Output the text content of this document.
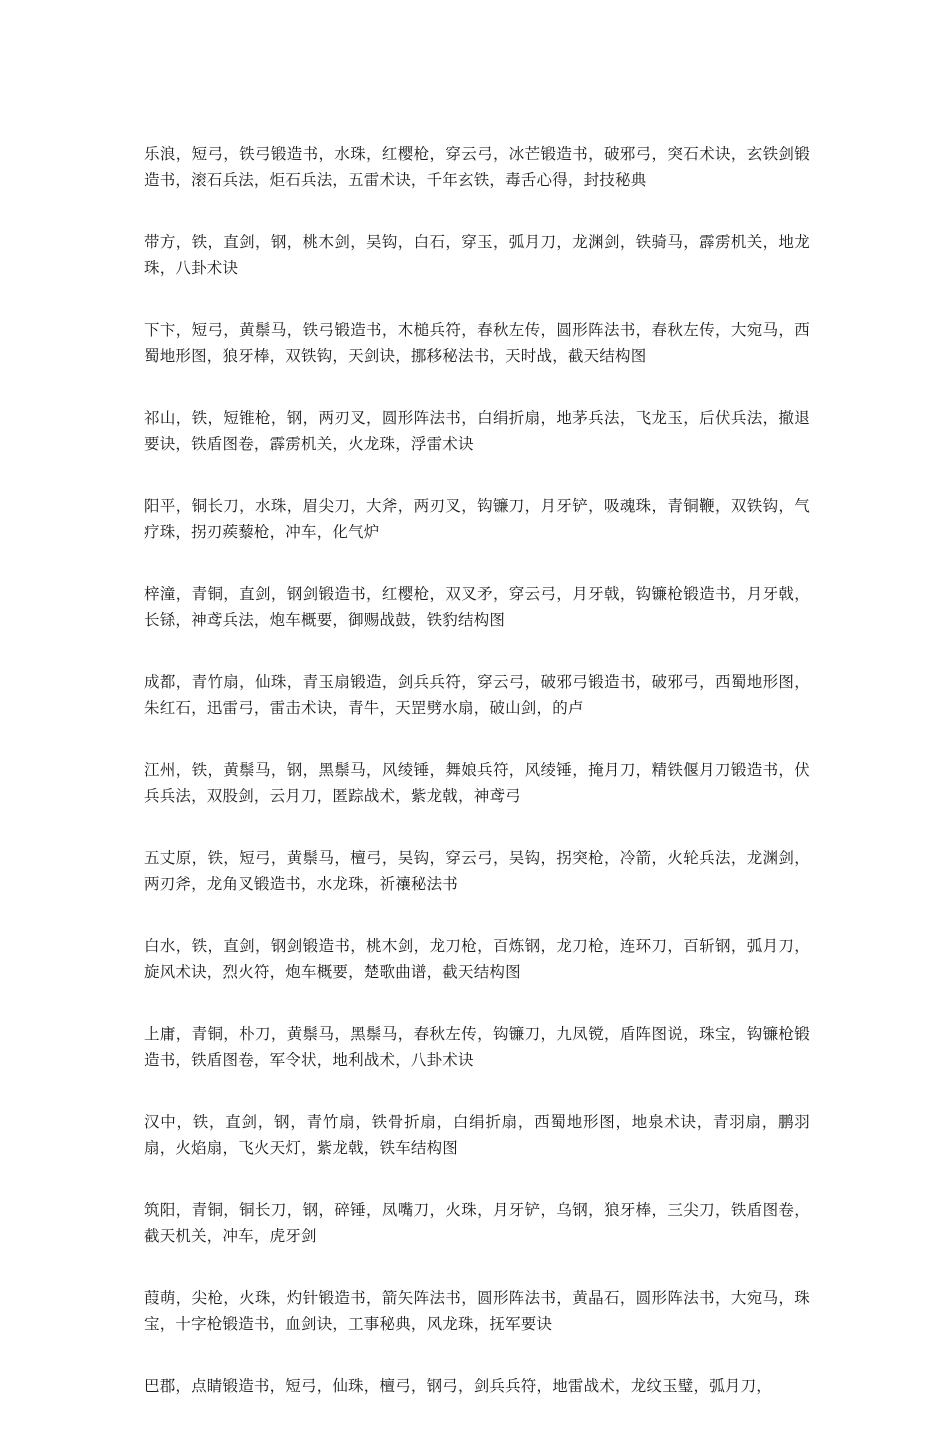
乐浪，短弓，铁弓锻造书，水珠，红樱枪，穿云弓，冰芒锻造书，破邪弓，突石术诀，玄铁剑锻造书，滚石兵法，炬石兵法，五雷术诀，千年玄铁，毒舌心得，封技秘典

带方，铁，直剑，钢，桃木剑，吴钩，白石，穿玉，弧月刀，龙渊剑，铁骑马，霹雳机关，地龙珠，八卦术诀

下卞，短弓，黄鬃马，铁弓锻造书，木槌兵符，春秋左传，圆形阵法书，春秋左传，大宛马，西蜀地形图，狼牙棒，双铁钩，天剑诀，挪移秘法书，天时战，截天结构图

祁山，铁，短锥枪，钢，两刃叉，圆形阵法书，白绢折扇，地茅兵法，飞龙玉，后伏兵法，撤退要诀，铁盾图卷，霹雳机关，火龙珠，浮雷术诀

阳平，铜长刀，水珠，眉尖刀，大斧，两刃叉，钩镰刀，月牙铲，吸魂珠，青铜鞭，双铁钩，气疗珠，拐刃蒺藜枪，冲车，化气炉

梓潼，青铜，直剑，钢剑锻造书，红樱枪，双叉矛，穿云弓，月牙戟，钩镰枪锻造书，月牙戟，长铩，神鸢兵法，炮车概要，御赐战鼓，铁豹结构图

成都，青竹扇，仙珠，青玉扇锻造，剑兵兵符，穿云弓，破邪弓锻造书，破邪弓，西蜀地形图，朱红石，迅雷弓，雷击术诀，青牛，天罡劈水扇，破山剑，的卢

江州，铁，黄鬃马，钢，黑鬃马，风绫锤，舞娘兵符，风绫锤，掩月刀，精铁偃月刀锻造书，伏兵兵法，双股剑，云月刀，匿踪战术，紫龙戟，神鸢弓

五丈原，铁，短弓，黄鬃马，檀弓，吴钩，穿云弓，吴钩，拐突枪，冷箭，火轮兵法，龙渊剑，两刃斧，龙角叉锻造书，水龙珠，祈禳秘法书

白水，铁，直剑，钢剑锻造书，桃木剑，龙刀枪，百炼钢，龙刀枪，连环刀，百斩钢，弧月刀，旋风术诀，烈火符，炮车概要，楚歌曲谱，截天结构图

上庸，青铜，朴刀，黄鬃马，黑鬃马，春秋左传，钩镰刀，九凤镋，盾阵图说，珠宝，钩镰枪锻造书，铁盾图卷，军令状，地利战术，八卦术诀

汉中，铁，直剑，钢，青竹扇，铁骨折扇，白绢折扇，西蜀地形图，地泉术诀，青羽扇，鹏羽扇，火焰扇，飞火天灯，紫龙戟，铁车结构图

筑阳，青铜，铜长刀，钢，碎锤，凤嘴刀，火珠，月牙铲，乌钢，狼牙棒，三尖刀，铁盾图卷，截天机关，冲车，虎牙剑

葭萌，尖枪，火珠，灼针锻造书，箭矢阵法书，圆形阵法书，黄晶石，圆形阵法书，大宛马，珠宝，十字枪锻造书，血剑诀，工事秘典，风龙珠，抚军要诀

巴郡，点睛锻造书，短弓，仙珠，檀弓，钢弓，剑兵兵符，地雷战术，龙纹玉璧，弧月刀，
